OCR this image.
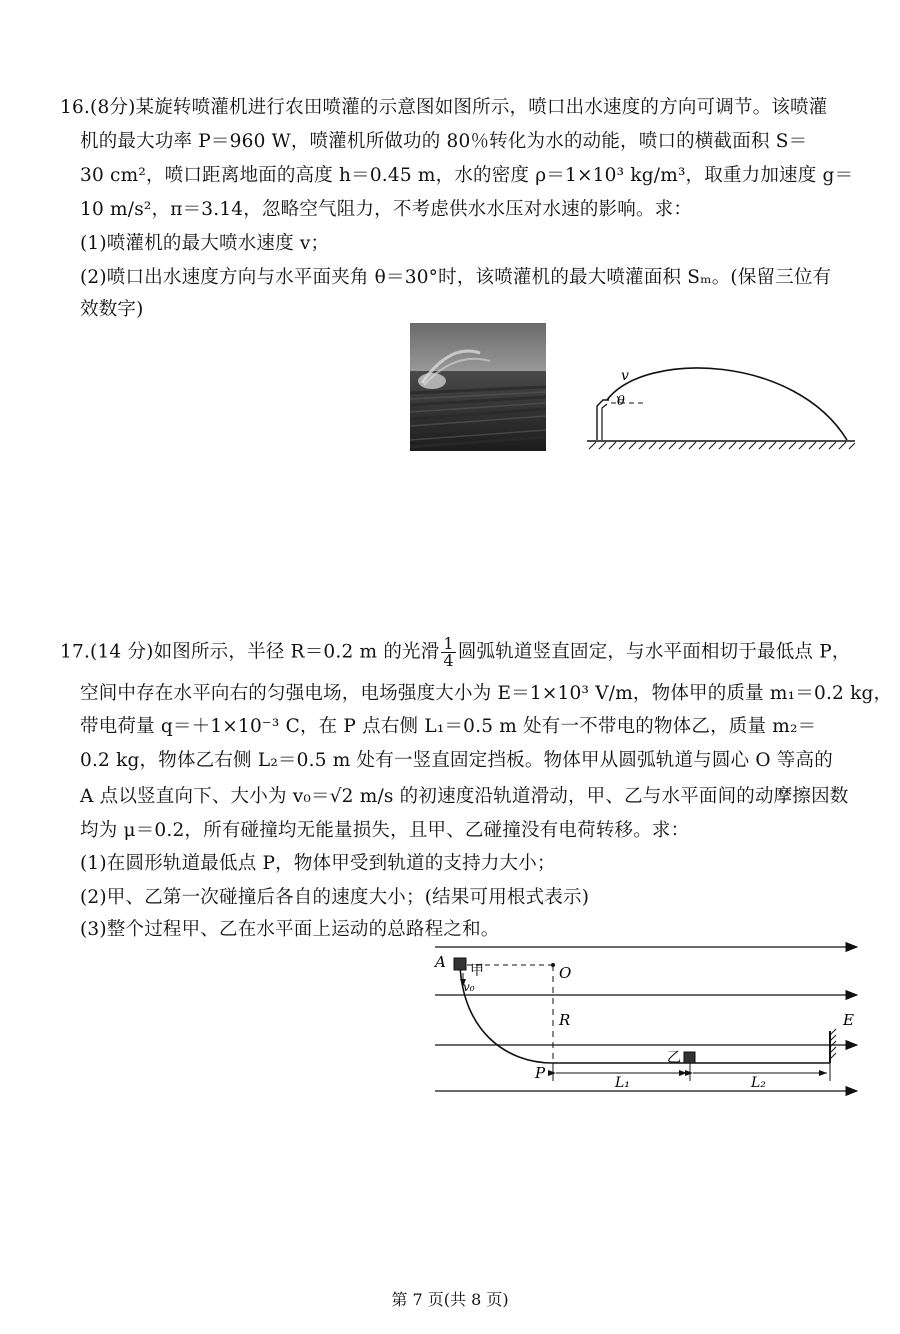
16.(8分)某旋转喷灌机进行农田喷灌的示意图如图所示，喷口出水速度的方向可调节。该喷灌
机的最大功率 P＝960 W，喷灌机所做功的 80％转化为水的动能，喷口的横截面积 S＝
30 cm²，喷口距离地面的高度 h＝0.45 m，水的密度 ρ＝1×10³ kg/m³，取重力加速度 g＝
10 m/s²，π＝3.14，忽略空气阻力，不考虑供水水压对水速的影响。求：
(1)喷灌机的最大喷水速度 v；
(2)喷口出水速度方向与水平面夹角 θ＝30°时，该喷灌机的最大喷灌面积 Sₘ。(保留三位有
效数字)
v
θ
17.(14 分)如图所示，半径 R＝0.2 m 的光滑 $\frac{1}{4}$ 圆弧轨道竖直固定，与水平面相切于最低点 P，
空间中存在水平向右的匀强电场，电场强度大小为 E＝1×10³ V/m，物体甲的质量 m₁＝0.2 kg，
带电荷量 q＝＋1×10⁻³ C，在 P 点右侧 L₁＝0.5 m 处有一不带电的物体乙，质量 m₂＝
0.2 kg，物体乙右侧 L₂＝0.5 m 处有一竖直固定挡板。物体甲从圆弧轨道与圆心 O 等高的
A 点以竖直向下、大小为 v₀＝√2 m/s 的初速度沿轨道滑动，甲、乙与水平面间的动摩擦因数
均为 μ＝0.2，所有碰撞均无能量损失，且甲、乙碰撞没有电荷转移。求：
(1)在圆形轨道最低点 P，物体甲受到轨道的支持力大小；
(2)甲、乙第一次碰撞后各自的速度大小；(结果可用根式表示)
(3)整个过程甲、乙在水平面上运动的总路程之和。
A 甲
v₀
O
R	E
P
乙
L₁	L₂
第 7 页(共 8 页)
